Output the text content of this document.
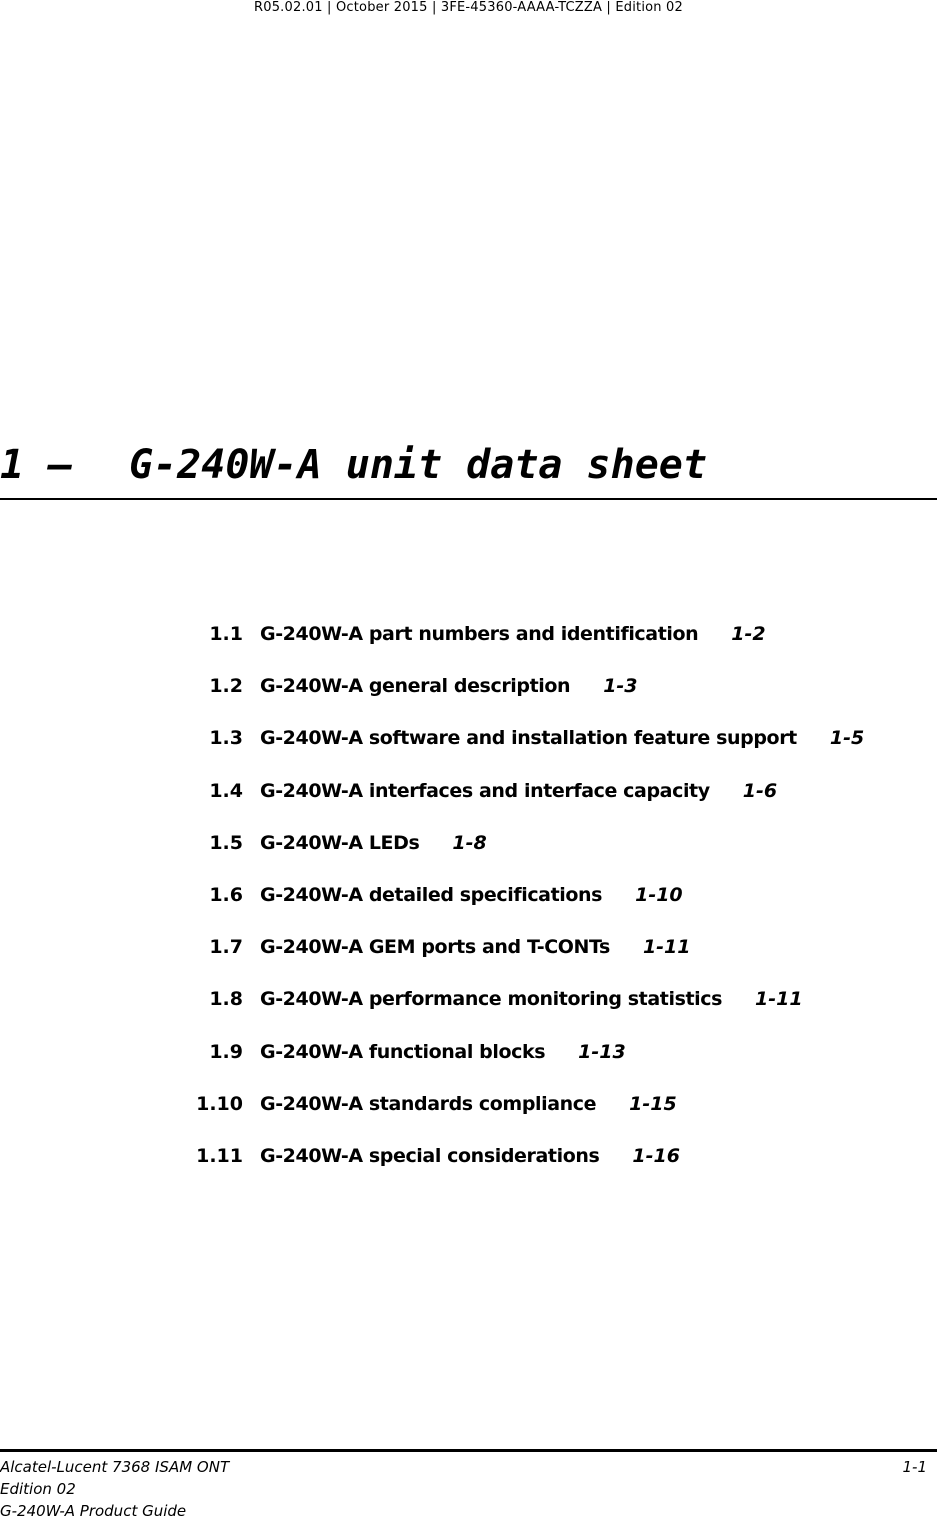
R05.02.01 | October 2015 | 3FE-45360-AAAA-TCZZA | Edition 02
1 — G-240W-A unit data sheet
1.1 G-240W-A part numbers and identification 1-2
1.2 G-240W-A general description 1-3
1.3 G-240W-A software and installation feature support 1-5
1.4 G-240W-A interfaces and interface capacity 1-6
1.5 G-240W-A LEDs 1-8
1.6 G-240W-A detailed specifications 1-10
1.7 G-240W-A GEM ports and T-CONTs 1-11
1.8 G-240W-A performance monitoring statistics 1-11
1.9 G-240W-A functional blocks 1-13
1.10 G-240W-A standards compliance 1-15
1.11 G-240W-A special considerations 1-16
Alcatel-Lucent 7368 ISAM ONT
Edition 02
G-240W-A Product Guide
1-1
